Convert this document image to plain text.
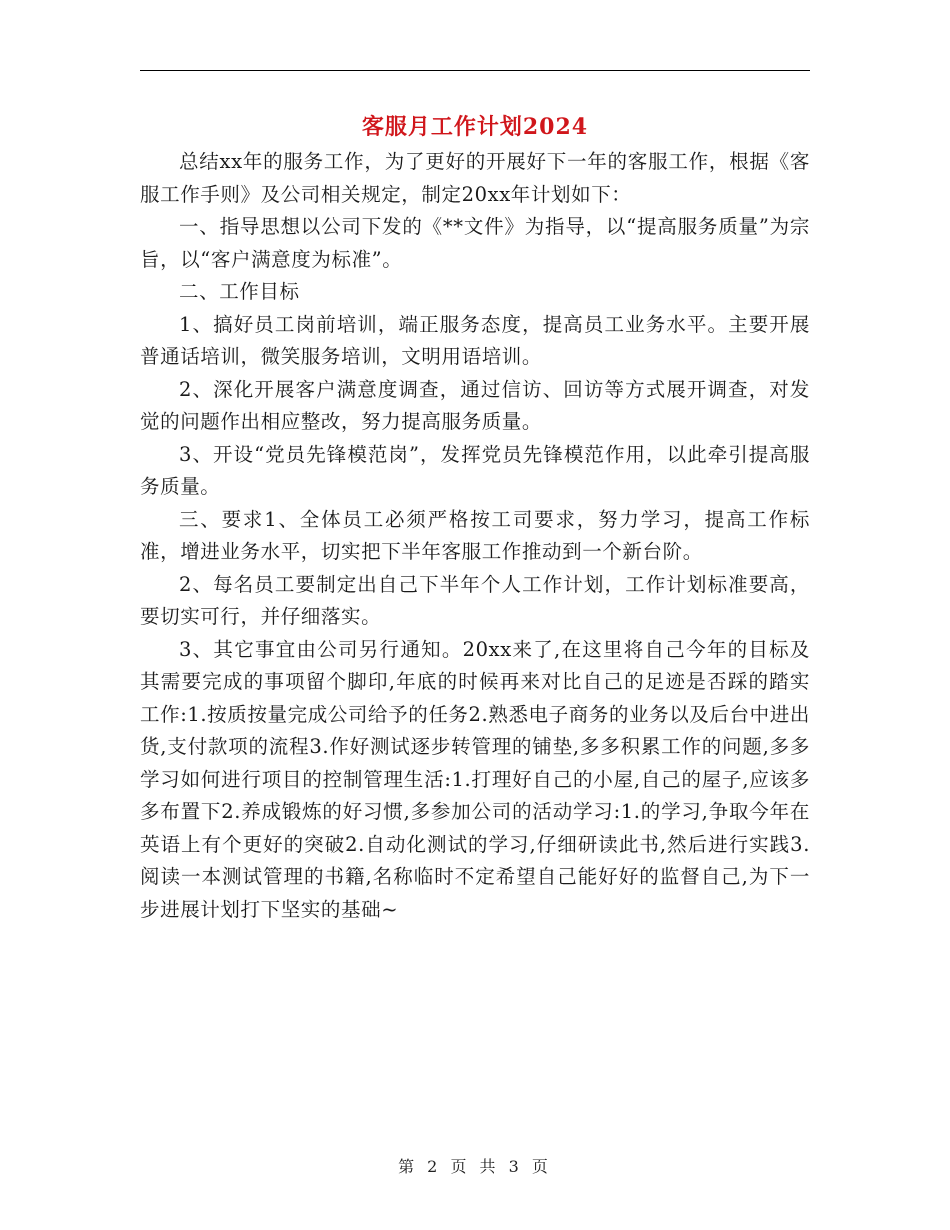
客服月工作计划2024

总结xx年的服务工作，为了更好的开展好下一年的客服工作，根据《客服工作手则》及公司相关规定，制定20xx年计划如下：

一、指导思想以公司下发的《**文件》为指导，以“提高服务质量”为宗旨，以“客户满意度为标准”。

二、工作目标

1、搞好员工岗前培训，端正服务态度，提高员工业务水平。主要开展普通话培训，微笑服务培训，文明用语培训。

2、深化开展客户满意度调查，通过信访、回访等方式展开调查，对发觉的问题作出相应整改，努力提高服务质量。

3、开设“党员先锋模范岗”，发挥党员先锋模范作用，以此牵引提高服务质量。

三、要求1、全体员工必须严格按工司要求，努力学习，提高工作标准，增进业务水平，切实把下半年客服工作推动到一个新台阶。

2、每名员工要制定出自己下半年个人工作计划，工作计划标准要高，要切实可行，并仔细落实。

3、其它事宜由公司另行通知。20xx来了,在这里将自己今年的目标及其需要完成的事项留个脚印,年底的时候再来对比自己的足迹是否踩的踏实工作:1.按质按量完成公司给予的任务2.熟悉电子商务的业务以及后台中进出货,支付款项的流程3.作好测试逐步转管理的铺垫,多多积累工作的问题,多多学习如何进行项目的控制管理生活:1.打理好自己的小屋,自己的屋子,应该多多布置下2.养成锻炼的好习惯,多参加公司的活动学习:1.的学习,争取今年在英语上有个更好的突破2.自动化测试的学习,仔细研读此书,然后进行实践3.阅读一本测试管理的书籍,名称临时不定希望自己能好好的监督自己,为下一步进展计划打下坚实的基础~

第 2 页 共 3 页
